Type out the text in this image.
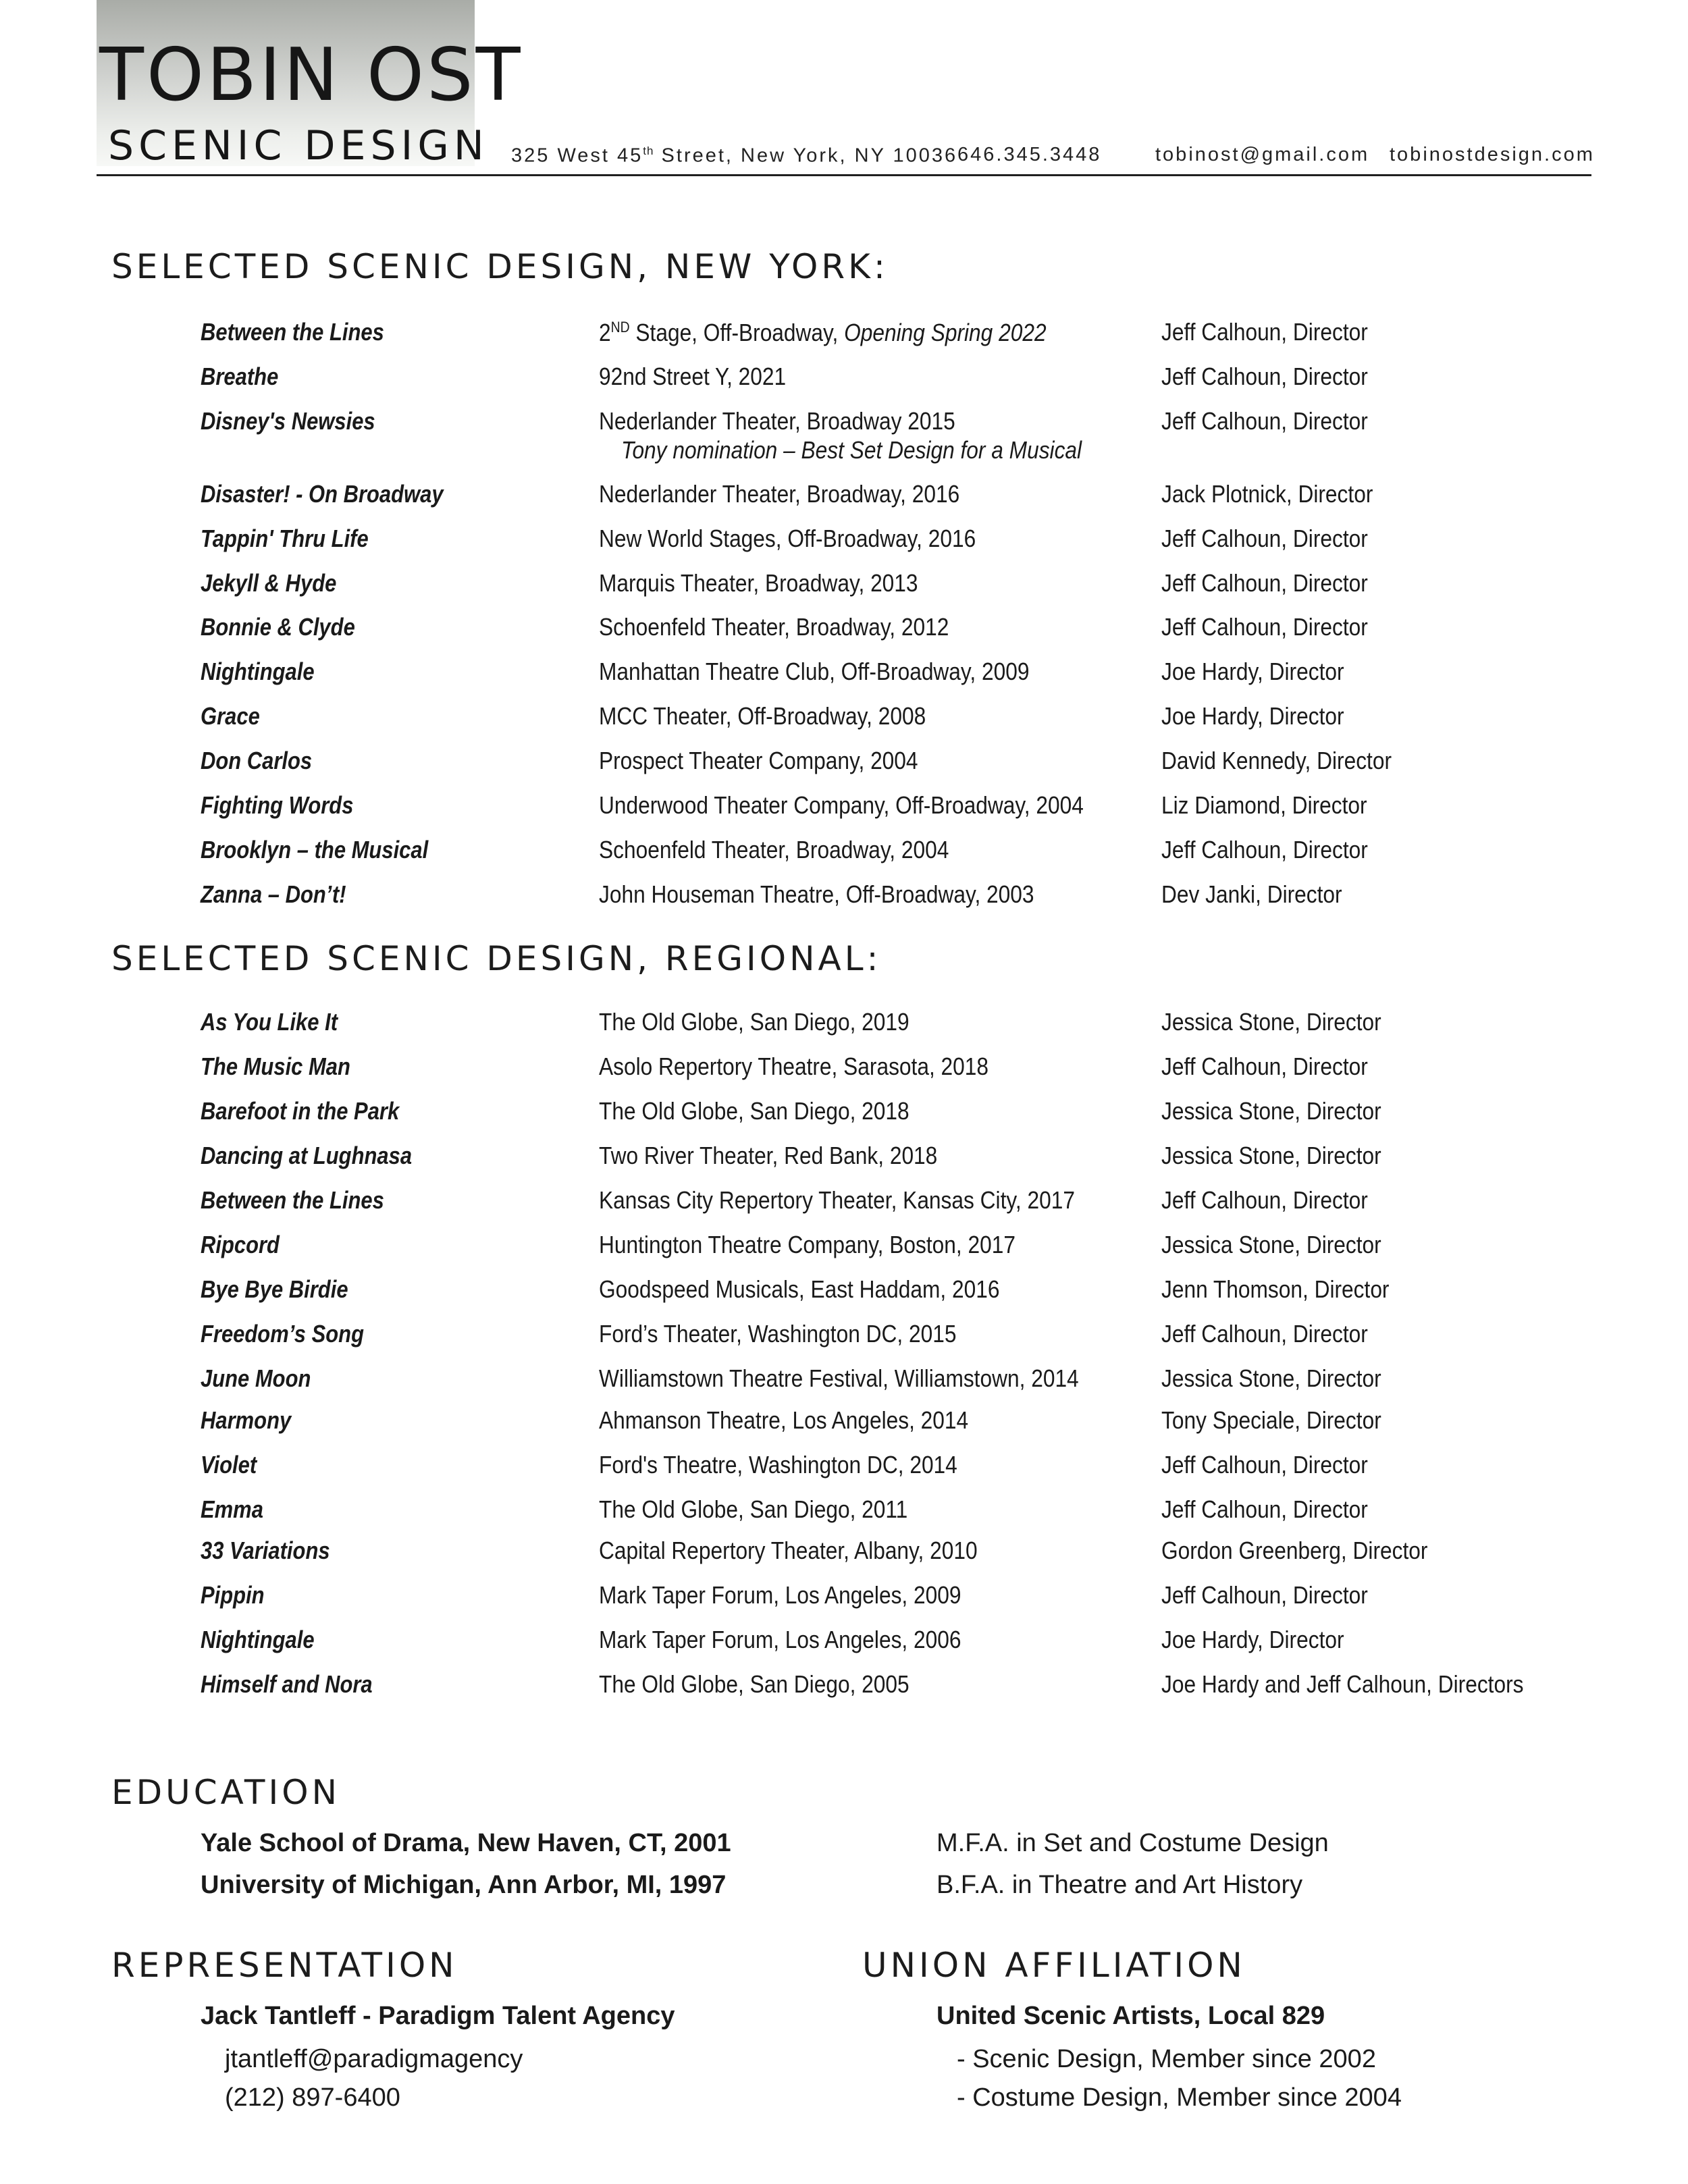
TOBIN OST
SCENIC DESIGN 325 West 45th Street, New York, NY 10036 646.345.3448	tobinost@gmail.com tobinostdesign.com
SELECTED SCENIC DESIGN, NEW YORK:
Between the Lines	2ND Stage, Off-Broadway, Opening Spring 2022	Jeff Calhoun, Director
Breathe	92nd Street Y, 2021	Jeff Calhoun, Director
Disney's Newsies	Nederlander Theater, Broadway 2015	Jeff Calhoun, Director
Tony nomination – Best Set Design for a Musical
Disaster! - On Broadway	Nederlander Theater, Broadway, 2016	Jack Plotnick, Director
Tappin' Thru Life	New World Stages, Off-Broadway, 2016	Jeff Calhoun, Director
Jekyll & Hyde	Marquis Theater, Broadway, 2013	Jeff Calhoun, Director
Bonnie & Clyde	Schoenfeld Theater, Broadway, 2012	Jeff Calhoun, Director
Nightingale	Manhattan Theatre Club, Off-Broadway, 2009	Joe Hardy, Director
Grace	MCC Theater, Off-Broadway, 2008	Joe Hardy, Director
Don Carlos	Prospect Theater Company, 2004	David Kennedy, Director
Fighting Words	Underwood Theater Company, Off-Broadway, 2004	Liz Diamond, Director
Brooklyn – the Musical	Schoenfeld Theater, Broadway, 2004	Jeff Calhoun, Director
Zanna – Don’t!	John Houseman Theatre, Off-Broadway, 2003	Dev Janki, Director
SELECTED SCENIC DESIGN, REGIONAL:
As You Like It	The Old Globe, San Diego, 2019	Jessica Stone, Director
The Music Man	Asolo Repertory Theatre, Sarasota, 2018	Jeff Calhoun, Director
Barefoot in the Park	The Old Globe, San Diego, 2018	Jessica Stone, Director
Dancing at Lughnasa	Two River Theater, Red Bank, 2018	Jessica Stone, Director
Between the Lines	Kansas City Repertory Theater, Kansas City, 2017	Jeff Calhoun, Director
Ripcord	Huntington Theatre Company, Boston, 2017	Jessica Stone, Director
Bye Bye Birdie	Goodspeed Musicals, East Haddam, 2016	Jenn Thomson, Director
Freedom’s Song	Ford’s Theater, Washington DC, 2015	Jeff Calhoun, Director
June Moon	Williamstown Theatre Festival, Williamstown, 2014	Jessica Stone, Director
Harmony	Ahmanson Theatre, Los Angeles, 2014	Tony Speciale, Director
Violet	Ford's Theatre, Washington DC, 2014	Jeff Calhoun, Director
Emma	The Old Globe, San Diego, 2011	Jeff Calhoun, Director
33 Variations	Capital Repertory Theater, Albany, 2010	Gordon Greenberg, Director
Pippin	Mark Taper Forum, Los Angeles, 2009	Jeff Calhoun, Director
Nightingale	Mark Taper Forum, Los Angeles, 2006	Joe Hardy, Director
Himself and Nora	The Old Globe, San Diego, 2005	Joe Hardy and Jeff Calhoun, Directors
EDUCATION
Yale School of Drama, New Haven, CT, 2001	M.F.A. in Set and Costume Design
University of Michigan, Ann Arbor, MI, 1997	B.F.A. in Theatre and Art History
REPRESENTATION
Jack Tantleff - Paradigm Talent Agency
jtantleff@paradigmagency
(212) 897-6400
UNION AFFILIATION
United Scenic Artists, Local 829
- Scenic Design, Member since 2002
- Costume Design, Member since 2004
